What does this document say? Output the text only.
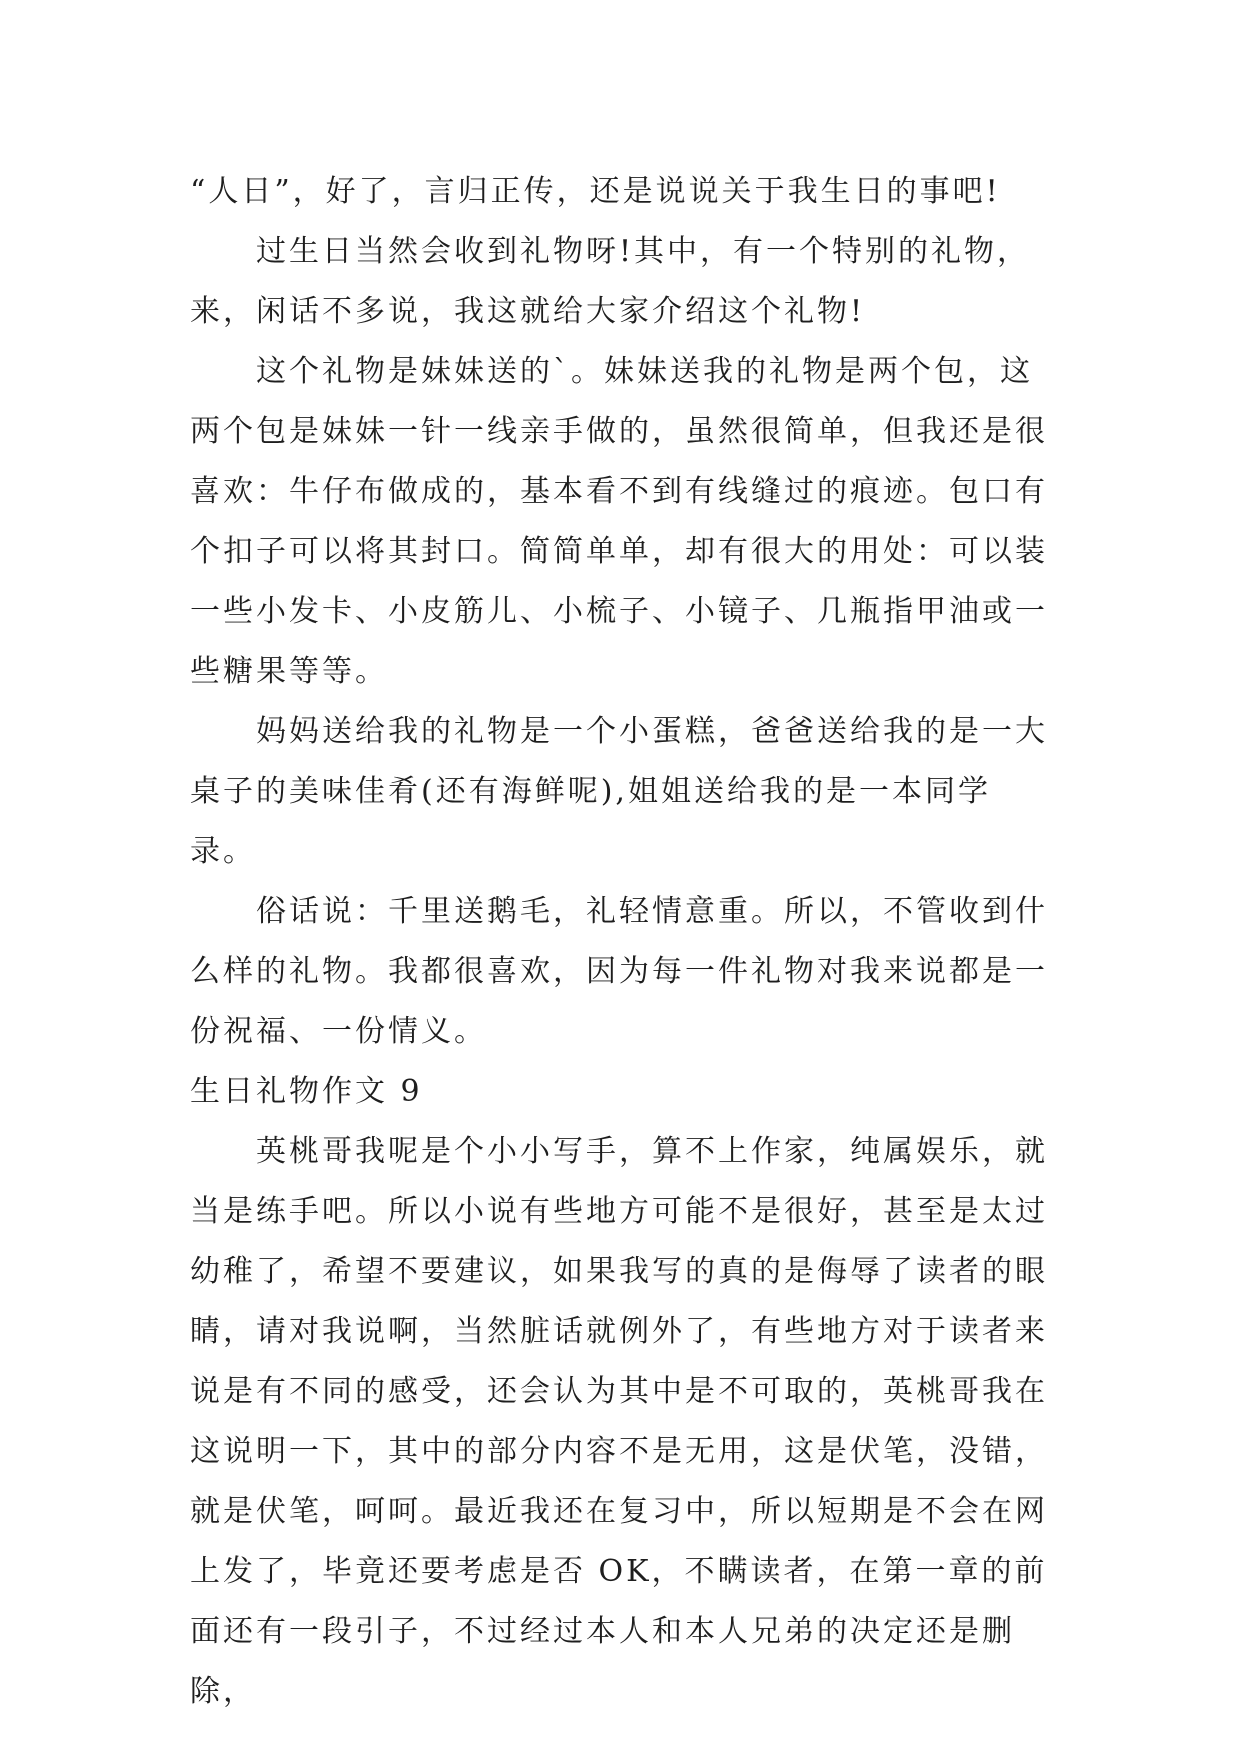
“人日”，好了，言归正传，还是说说关于我生日的事吧!

过生日当然会收到礼物呀!其中，有一个特别的礼物，来，闲话不多说，我这就给大家介绍这个礼物!

这个礼物是妹妹送的`。妹妹送我的礼物是两个包，这两个包是妹妹一针一线亲手做的，虽然很简单，但我还是很喜欢：牛仔布做成的，基本看不到有线缝过的痕迹。包口有个扣子可以将其封口。简简单单，却有很大的用处：可以装一些小发卡、小皮筋儿、小梳子、小镜子、几瓶指甲油或一些糖果等等。

妈妈送给我的礼物是一个小蛋糕，爸爸送给我的是一大桌子的美味佳肴(还有海鲜呢),姐姐送给我的是一本同学录。

俗话说：千里送鹅毛，礼轻情意重。所以，不管收到什么样的礼物。我都很喜欢，因为每一件礼物对我来说都是一份祝福、一份情义。

生日礼物作文 9

英桃哥我呢是个小小写手，算不上作家，纯属娱乐，就当是练手吧。所以小说有些地方可能不是很好，甚至是太过幼稚了，希望不要建议，如果我写的真的是侮辱了读者的眼睛，请对我说啊，当然脏话就例外了，有些地方对于读者来说是有不同的感受，还会认为其中是不可取的，英桃哥我在这说明一下，其中的部分内容不是无用，这是伏笔，没错，就是伏笔，呵呵。最近我还在复习中，所以短期是不会在网上发了，毕竟还要考虑是否 OK，不瞒读者，在第一章的前面还有一段引子，不过经过本人和本人兄弟的决定还是删除，
